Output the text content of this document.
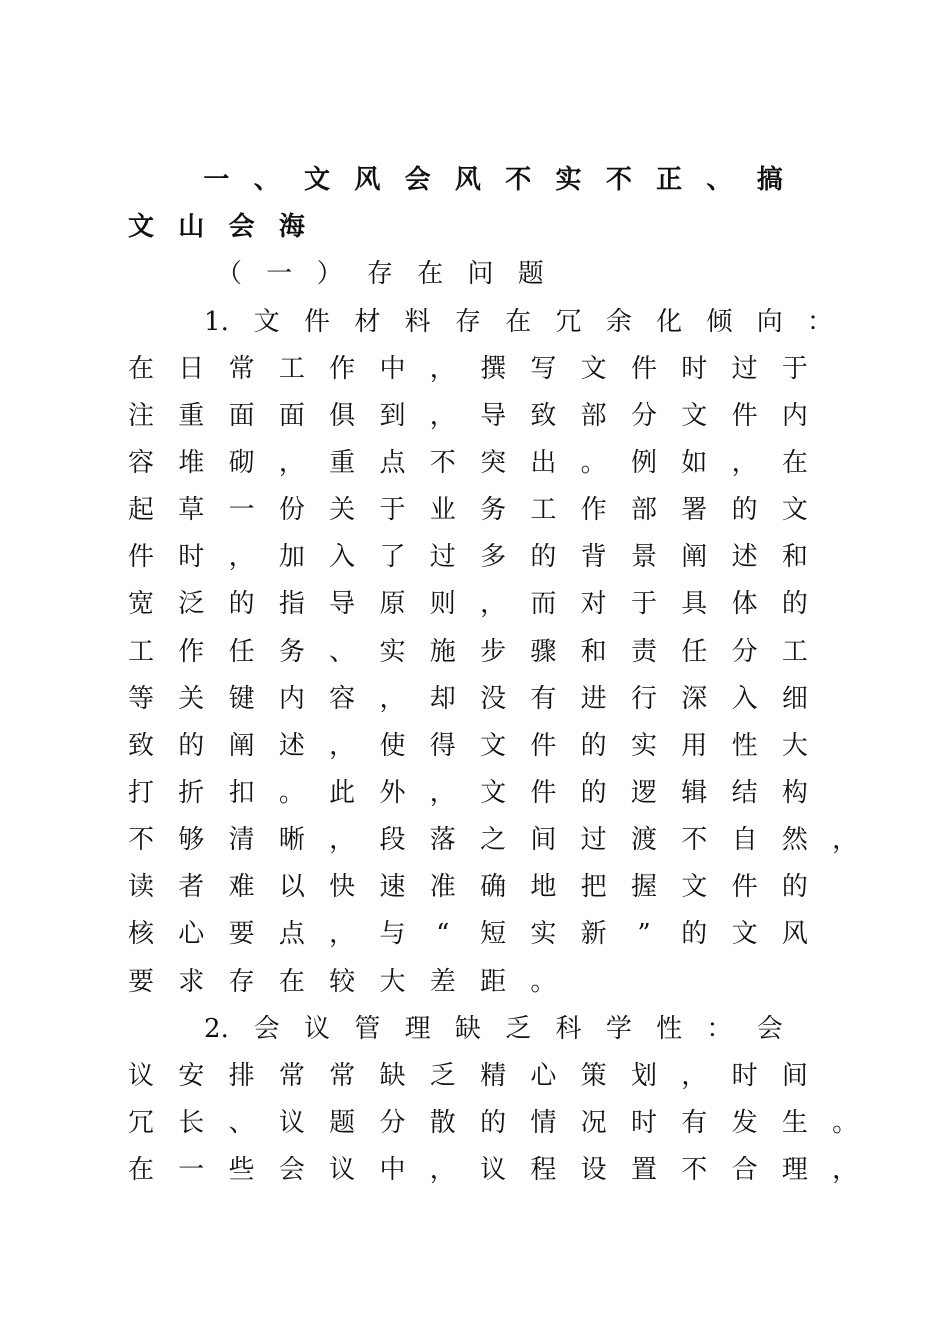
一 、 文 风 会 风 不 实 不 正 、 搞
文 山 会 海
（ 一 ） 存 在 问 题
1. 文 件 材 料 存 在 冗 余 化 倾 向 ：
在 日 常 工 作 中 ， 撰 写 文 件 时 过 于
注 重 面 面 俱 到 ， 导 致 部 分 文 件 内
容 堆 砌 ， 重 点 不 突 出 。 例 如 ， 在
起 草 一 份 关 于 业 务 工 作 部 署 的 文
件 时 ， 加 入 了 过 多 的 背 景 阐 述 和
宽 泛 的 指 导 原 则 ， 而 对 于 具 体 的
工 作 任 务 、 实 施 步 骤 和 责 任 分 工
等 关 键 内 容 ， 却 没 有 进 行 深 入 细
致 的 阐 述 ， 使 得 文 件 的 实 用 性 大
打 折 扣 。 此 外 ， 文 件 的 逻 辑 结 构
不 够 清 晰 ， 段 落 之 间 过 渡 不 自 然 ，
读 者 难 以 快 速 准 确 地 把 握 文 件 的
核 心 要 点 ， 与	“	短 实 新	”	的 文 风
要 求 存 在 较 大 差 距 。
2. 会 议 管 理 缺 乏 科 学 性 ： 会
议 安 排 常 常 缺 乏 精 心 策 划 ， 时 间
冗 长 、 议 题 分 散 的 情 况 时 有 发 生 。
在 一 些 会 议 中 ， 议 程 设 置 不 合 理 ，
